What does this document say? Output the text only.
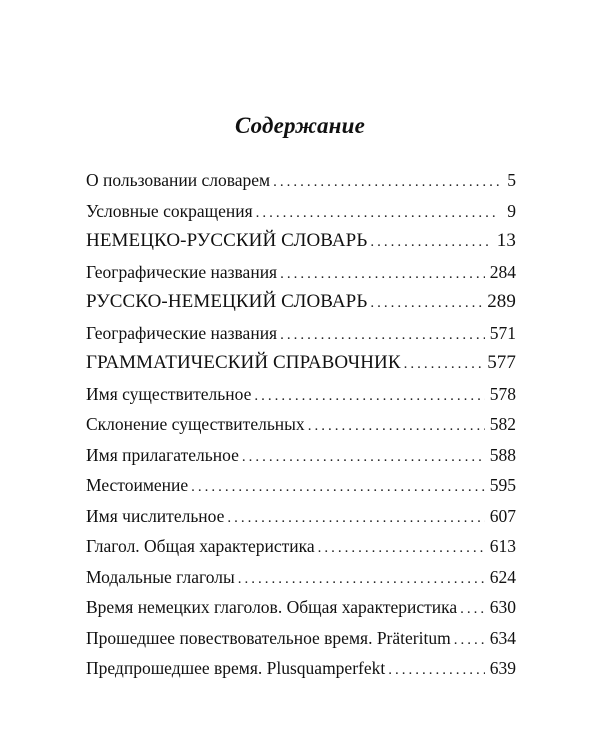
Содержание
О пользовании словарем .....	5
Условные сокращения .....	9
НЕМЕЦКО-РУССКИЙ СЛОВАРЬ .....	13
Географические названия .....	284
РУССКО-НЕМЕЦКИЙ СЛОВАРЬ .....	289
Географические названия .....	571
ГРАММАТИЧЕСКИЙ СПРАВОЧНИК .....	577
Имя существительное .....	578
Склонение существительных .....	582
Имя прилагательное .....	588
Местоимение .....	595
Имя числительное .....	607
Глагол. Общая характеристика .....	613
Модальные глаголы .....	624
Время немецких глаголов. Общая характеристика ..... 630
Прошедшее повествовательное время. Präteritum ..... 634
Предпрошедшее время. Plusquamperfekt .....	639
